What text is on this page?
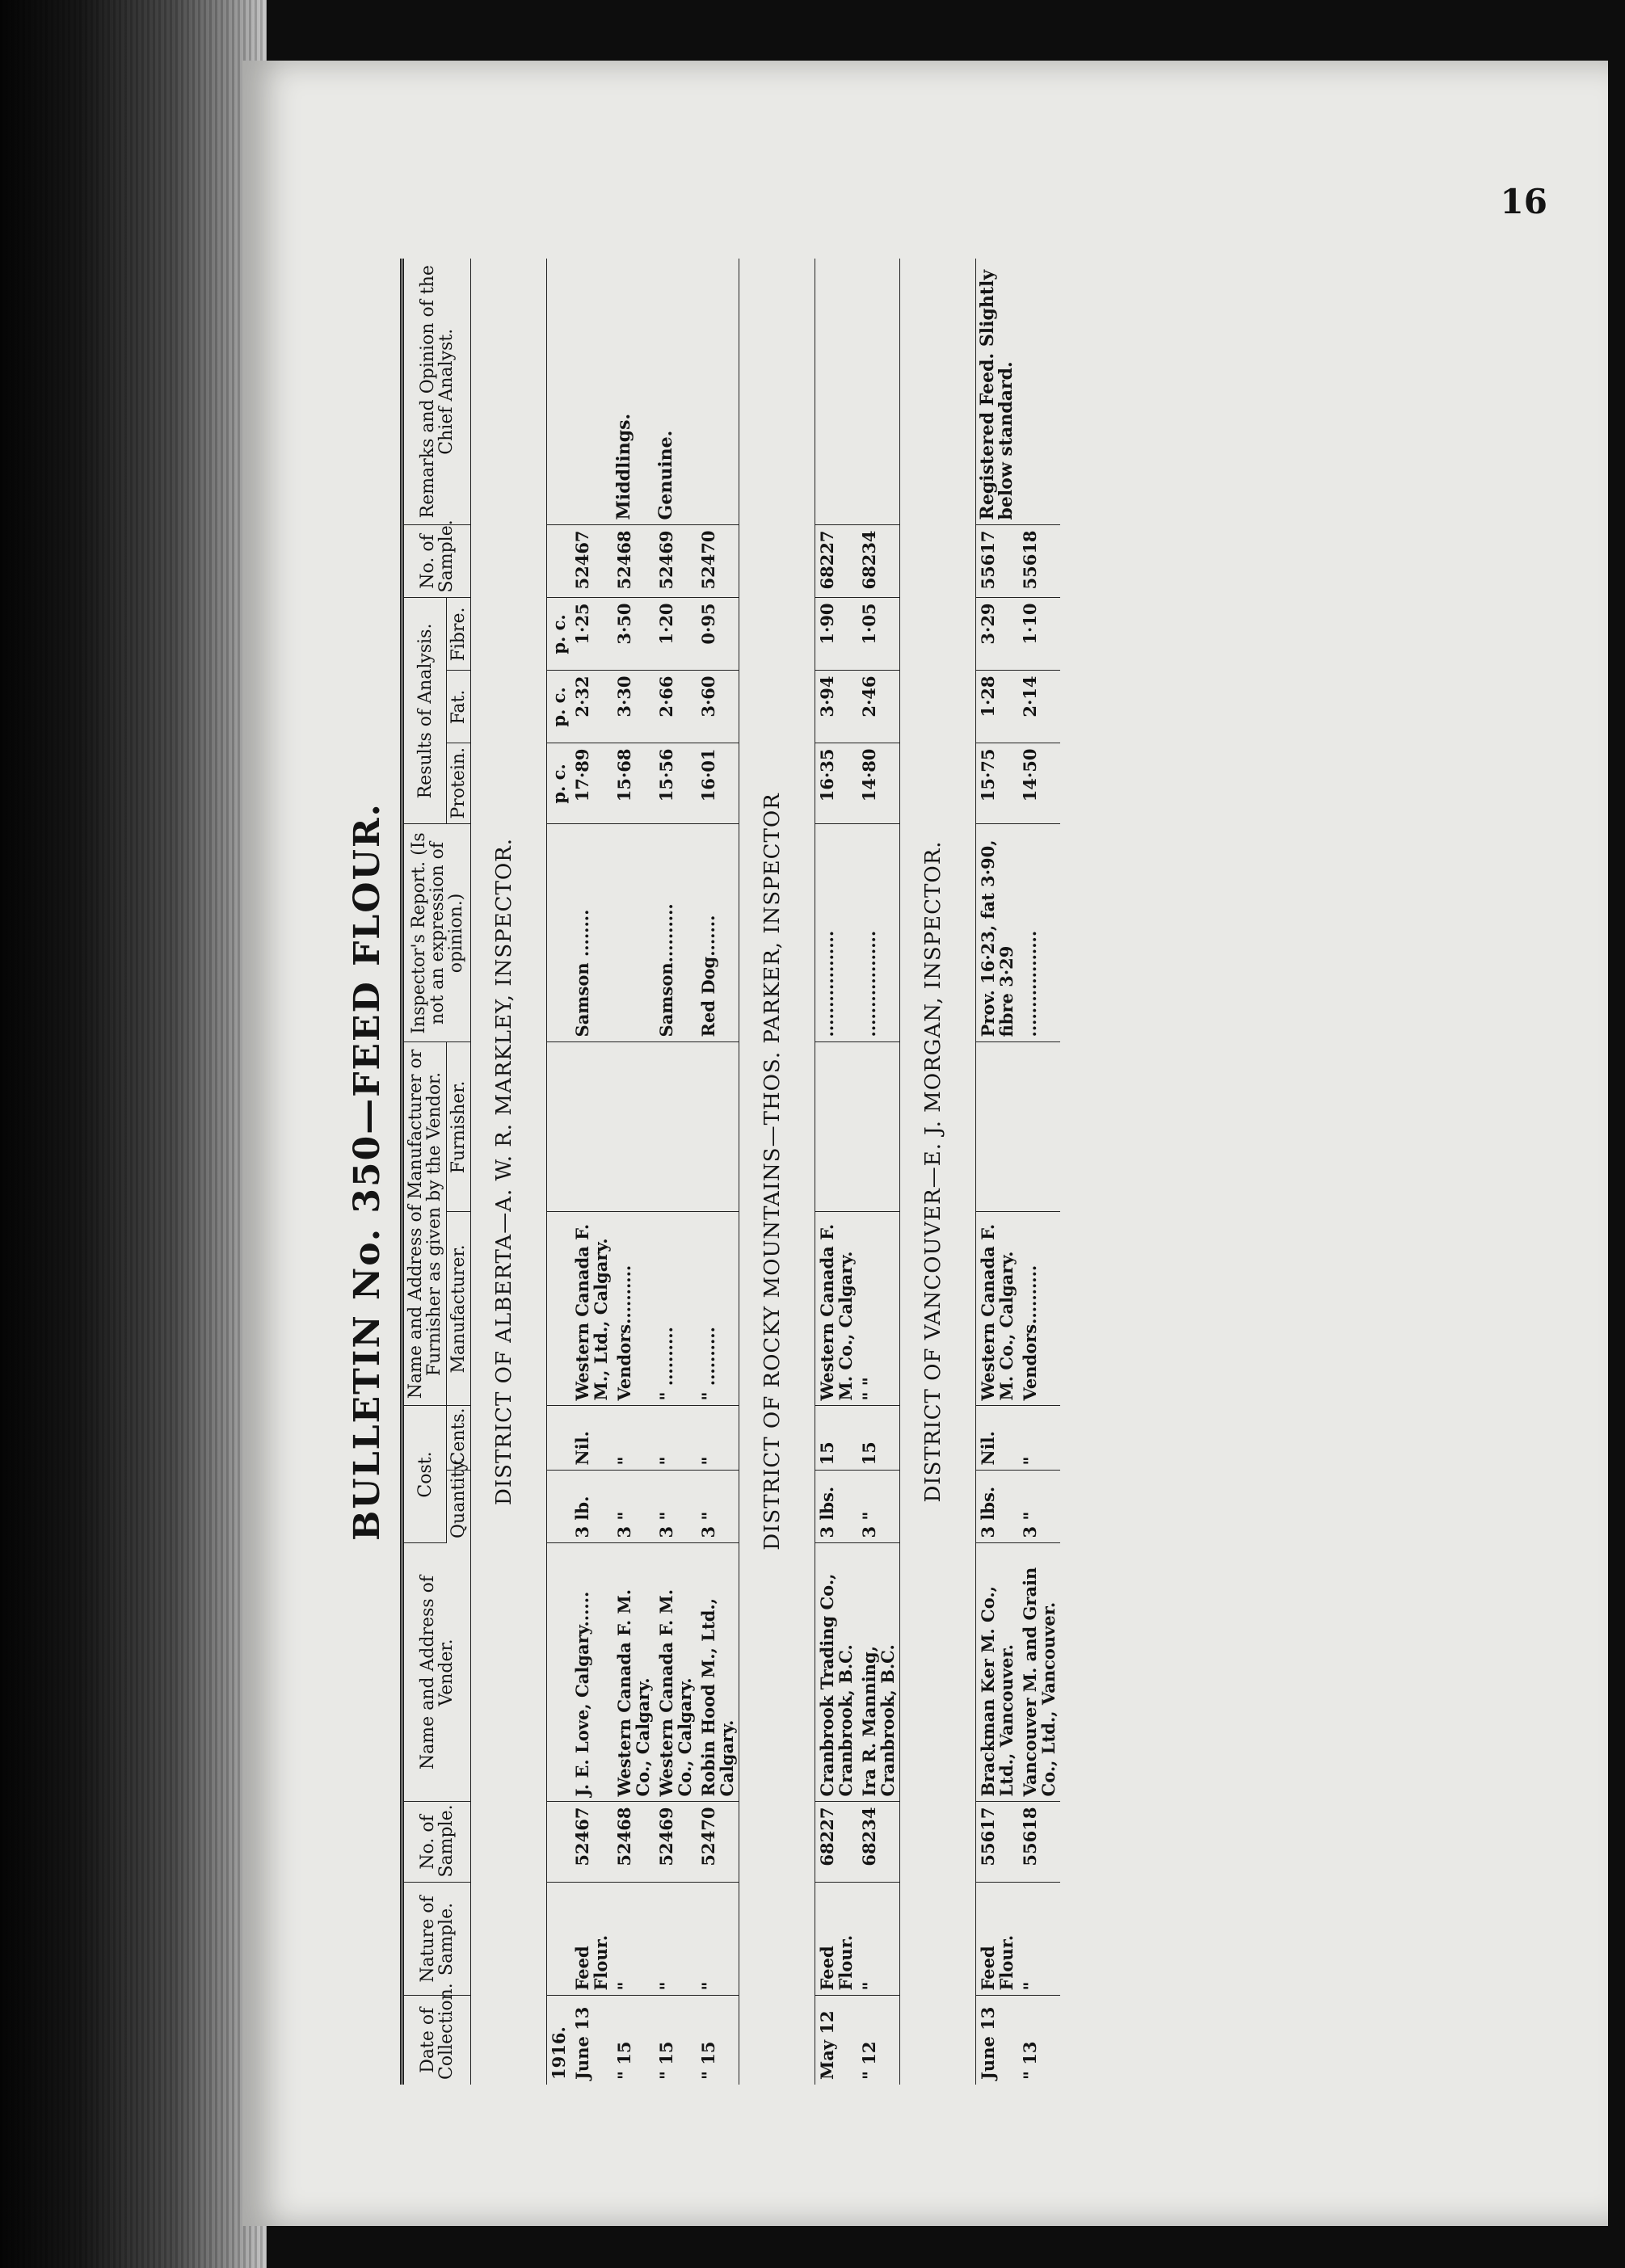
16
BULLETIN No. 350—FEED FLOUR.
Date of Collection.	Nature of Sample.	No. of Sample.	Name and Address of Vender.	Cost.		Name and Address of Manufacturer or Furnisher as given by the Vendor.		Inspector's Report. (Is not an expression of opinion.)	Results of Analysis.			No. of Sample.	Remarks and Opinion of the Chief Analyst.
				Quantity.	Cents.	Manufacturer.	Furnisher.		Protein.	Fat.	Fibre.		
DISTRICT OF ALBERTA—A. W. R. MARKLEY, INSPECTOR.													
1916.									p. c.	p. c.	p. c.		
June 13	Feed Flour.	52467	J. E. Love, Calgary......	3 lb.	Nil.	Western Canada F. M., Ltd., Calgary.		Samson ........	17·89	2·32	1·25	52467	
" 15	"	52468	Western Canada F. M. Co., Calgary.	3 "	"	Vendors..........			15·68	3·30	3·50	52468	Middlings.
" 15	"	52469	Western Canada F. M. Co., Calgary.	3 "	"	" ..........		Samson..........	15·56	2·66	1·20	52469	Genuine.
" 15	"	52470	Robin Hood M., Ltd., Calgary.	3 "	"	" ..........		Red Dog.......	16·01	3·60	0·95	52470	
DISTRICT OF ROCKY MOUNTAINS—THOS. PARKER, INSPECTOR													
May 12	Feed Flour.	68227	Cranbrook Trading Co., Cranbrook, B.C.	3 lbs.	15	Western Canada F. M. Co., Calgary.		..................	16·35	3·94	1·90	68227	
" 12	"	68234	Ira R. Manning, Cranbrook, B.C.	3 "	15	" "		..................	14·80	2·46	1·05	68234	
DISTRICT OF VANCOUVER—E. J. MORGAN, INSPECTOR.													
June 13	Feed Flour.	55617	Brackman Ker M. Co., Ltd., Vancouver.	3 lbs.	Nil.	Western Canada F. M. Co., Calgary.		Prov. 16·23, fat 3·90, fibre 3·29	15·75	1·28	3·29	55617	Registered Feed. Slightly below standard.
" 13	"	55618	Vancouver M. and Grain Co., Ltd., Vancouver.	3 "	"	Vendors..........		..................	14·50	2·14	1·10	55618	
